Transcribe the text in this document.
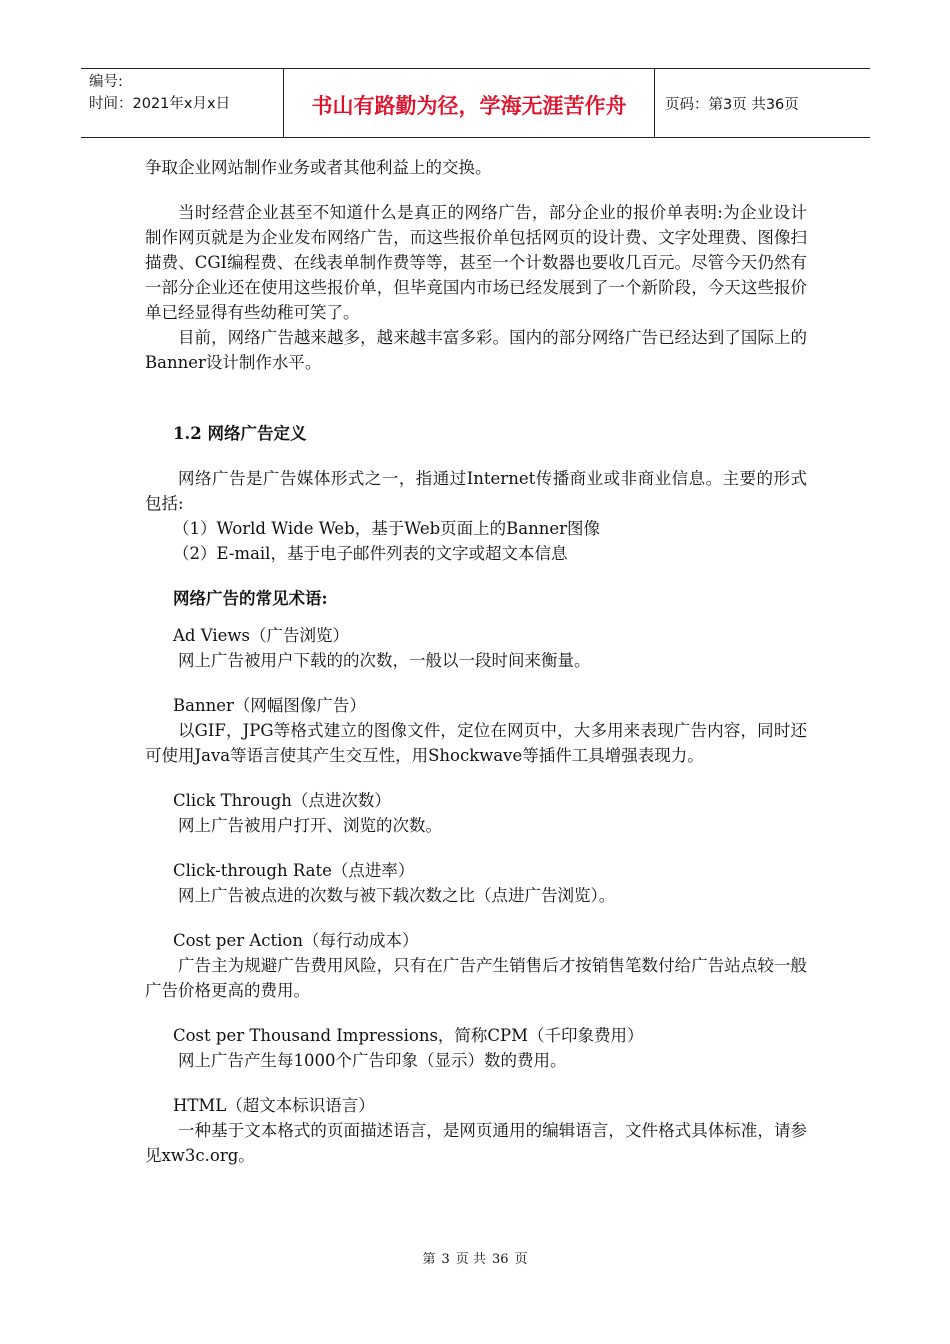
编号:
时间：2021年x月x日	书山有路勤为径，学海无涯苦作舟	页码：第3页 共36页

争取企业网站制作业务或者其他利益上的交换。

当时经营企业甚至不知道什么是真正的网络广告，部分企业的报价单表明:为企业设计制作网页就是为企业发布网络广告，而这些报价单包括网页的设计费、文字处理费、图像扫描费、CGI编程费、在线表单制作费等等，甚至一个计数器也要收几百元。尽管今天仍然有一部分企业还在使用这些报价单，但毕竟国内市场已经发展到了一个新阶段，今天这些报价单已经显得有些幼稚可笑了。

目前，网络广告越来越多，越来越丰富多彩。国内的部分网络广告已经达到了国际上的Banner设计制作水平。

1.2 网络广告定义

网络广告是广告媒体形式之一，指通过Internet传播商业或非商业信息。主要的形式包括:

（1）World Wide Web，基于Web页面上的Banner图像

（2）E-mail，基于电子邮件列表的文字或超文本信息

网络广告的常见术语:

Ad Views（广告浏览）

网上广告被用户下载的的次数，一般以一段时间来衡量。

Banner（网幅图像广告）

以GIF，JPG等格式建立的图像文件，定位在网页中，大多用来表现广告内容，同时还可使用Java等语言使其产生交互性，用Shockwave等插件工具增强表现力。

Click Through（点进次数）

网上广告被用户打开、浏览的次数。

Click-through Rate（点进率）

网上广告被点进的次数与被下载次数之比（点进广告浏览）。

Cost per Action（每行动成本）

广告主为规避广告费用风险，只有在广告产生销售后才按销售笔数付给广告站点较一般广告价格更高的费用。

Cost per Thousand Impressions，简称CPM（千印象费用）

网上广告产生每1000个广告印象（显示）数的费用。

HTML（超文本标识语言）

一种基于文本格式的页面描述语言，是网页通用的编辑语言，文件格式具体标准，请参见xw3c.org。

第 3 页 共 36 页
